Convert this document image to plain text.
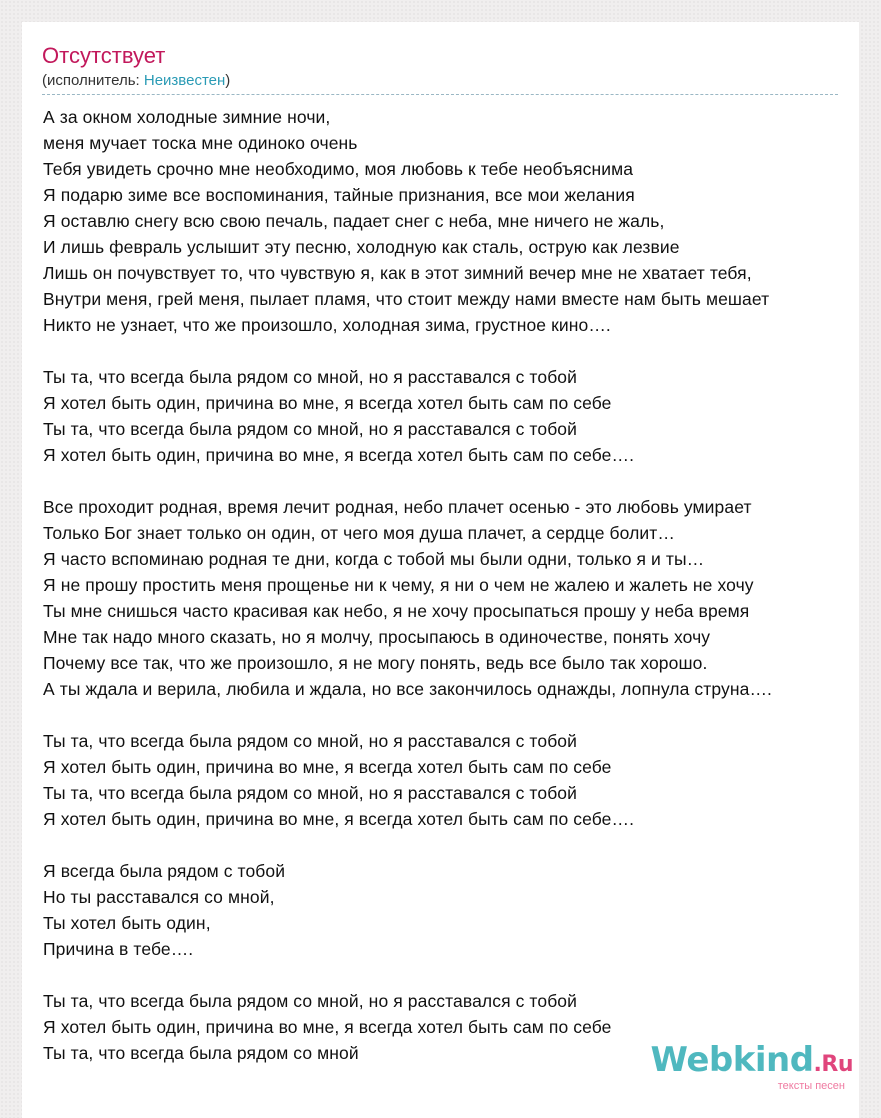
Отсутствует
(исполнитель: Неизвестен)
А за окном холодные зимние ночи,
меня мучает тоска мне одиноко очень
Тебя увидеть срочно мне необходимо, моя любовь к тебе необъяснима
Я подарю зиме все воспоминания, тайные признания, все мои желания
Я оставлю снегу всю свою печаль, падает снег с неба, мне ничего не жаль,
И лишь февраль услышит эту песню, холодную как сталь, острую как лезвие
Лишь он почувствует то, что чувствую я, как в этот зимний вечер мне не хватает тебя,
Внутри меня, грей меня, пылает пламя, что стоит между нами вместе нам быть мешает
Никто не узнает, что же произошло, холодная зима, грустное кино….
Ты та, что всегда была рядом со мной, но я расставался с тобой
Я хотел быть один, причина во мне, я всегда хотел быть сам по себе
Ты та, что всегда была рядом со мной, но я расставался с тобой
Я хотел быть один, причина во мне, я всегда хотел быть сам по себе….
Все проходит родная, время лечит родная, небо плачет осенью - это любовь умирает
Только Бог знает только он один, от чего моя душа плачет, а сердце болит…
Я часто вспоминаю родная те дни, когда с тобой мы были одни, только я и ты…
Я не прошу простить меня прощенье ни к чему, я ни о чем не жалею и жалеть не хочу
Ты мне снишься часто красивая как небо, я не хочу просыпаться прошу у неба время
Мне так надо много сказать, но я молчу, просыпаюсь в одиночестве, понять хочу
Почему все так, что же произошло, я не могу понять, ведь все было так хорошо.
А ты ждала и верила, любила и ждала, но все закончилось однажды, лопнула струна….
Ты та, что всегда была рядом со мной, но я расставался с тобой
Я хотел быть один, причина во мне, я всегда хотел быть сам по себе
Ты та, что всегда была рядом со мной, но я расставался с тобой
Я хотел быть один, причина во мне, я всегда хотел быть сам по себе….
Я всегда была рядом с тобой
Но ты расставался со мной,
Ты хотел быть один,
Причина в тебе….
Ты та, что всегда была рядом со мной, но я расставался с тобой
Я хотел быть один, причина во мне, я всегда хотел быть сам по себе
Ты та, что всегда была рядом со мной	Webkind.Ru
тексты песен
